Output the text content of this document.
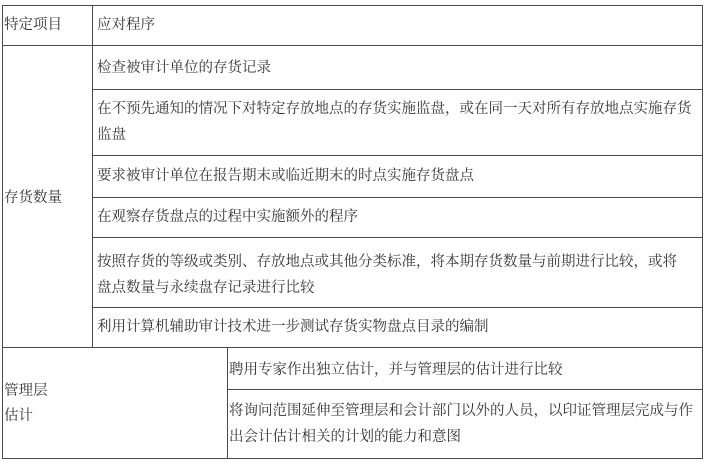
特定项目 应对程序
存货数量
检查被审计单位的存货记录
在不预先通知的情况下对特定存放地点的存货实施监盘，或在同一天对所有存放地点实施存货监盘
要求被审计单位在报告期末或临近期末的时点实施存货盘点
在观察存货盘点的过程中实施额外的程序
按照存货的等级或类别、存放地点或其他分类标准，将本期存货数量与前期进行比较，或将盘点数量与永续盘存记录进行比较
利用计算机辅助审计技术进一步测试存货实物盘点目录的编制
管理层
估计
聘用专家作出独立估计，并与管理层的估计进行比较
将询问范围延伸至管理层和会计部门以外的人员，以印证管理层完成与作出会计估计相关的计划的能力和意图
